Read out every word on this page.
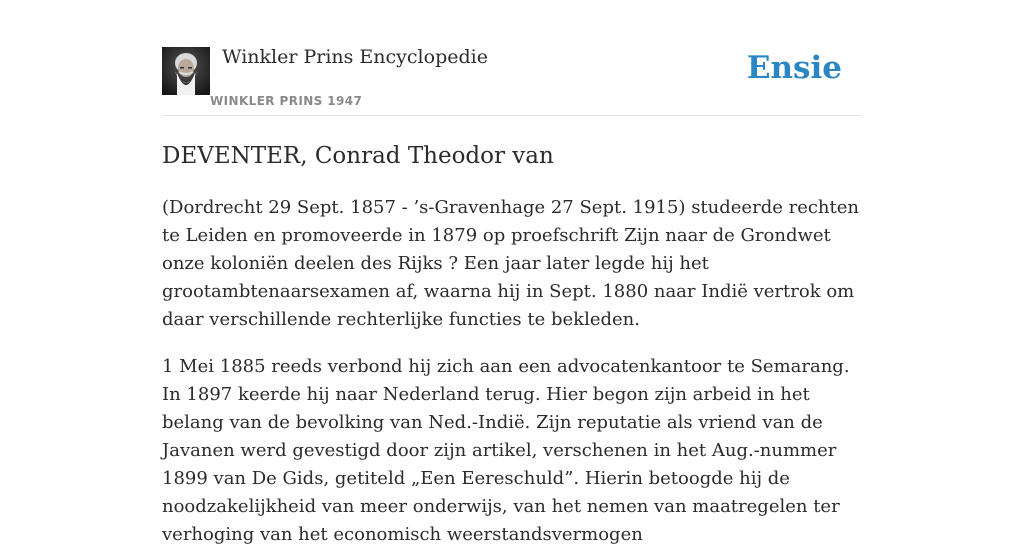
Winkler Prins Encyclopedie
WINKLER PRINS 1947
Ensie
DEVENTER, Conrad Theodor van

(Dordrecht 29 Sept. 1857 - ’s-Gravenhage 27 Sept. 1915) studeerde rechten te Leiden en promoveerde in 1879 op proefschrift Zijn naar de Grondwet onze koloniën deelen des Rijks ? Een jaar later legde hij het grootambtenaarsexamen af, waarna hij in Sept. 1880 naar Indië vertrok om daar verschillende rechterlijke functies te bekleden.

1 Mei 1885 reeds verbond hij zich aan een advocatenkantoor te Semarang. In 1897 keerde hij naar Nederland terug. Hier begon zijn arbeid in het belang van de bevolking van Ned.-Indië. Zijn reputatie als vriend van de Javanen werd gevestigd door zijn artikel, verschenen in het Aug.-nummer 1899 van De Gids, getiteld „Een Eereschuld”. Hierin betoogde hij de noodzakelijkheid van meer onderwijs, van het nemen van maatregelen ter verhoging van het economisch weerstandsvermogen
